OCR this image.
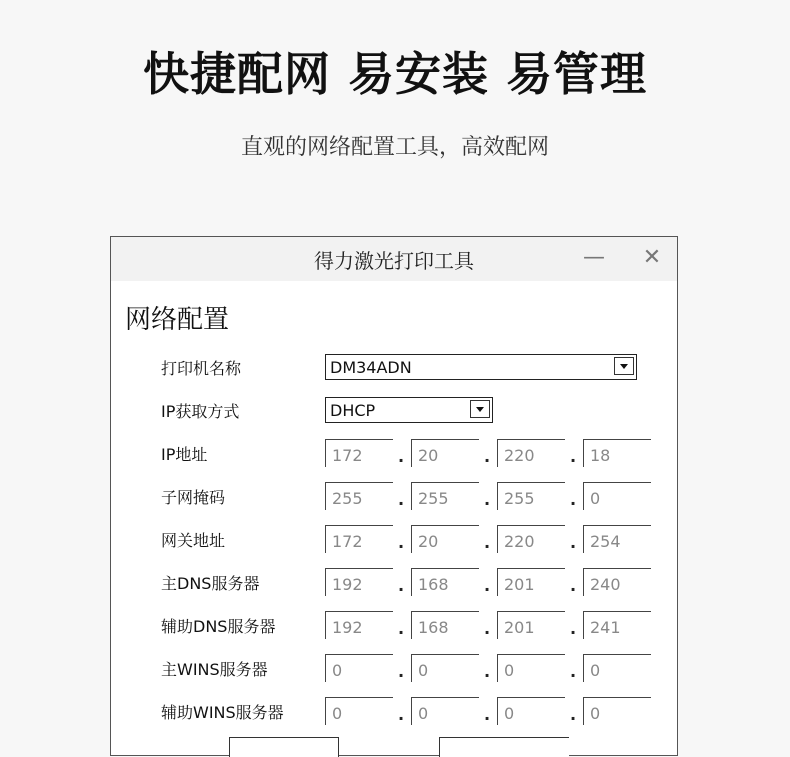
快捷配网 易安装 易管理
直观的网络配置工具，高效配网
得力激光打印工具	— ✕
网络配置
打印机名称	DM34ADN
IP获取方式	DHCP
IP地址	172 . 20	. 220 . 18
子网掩码	255 . 255 . 255 . 0
网关地址	172 . 20	. 220 . 254
主DNS服务器	192 . 168 . 201 . 240
辅助DNS服务器	192 . 168 . 201 . 241
主WINS服务器	0	. 0	. 0	. 0
辅助WINS服务器	0	. 0	. 0	. 0
